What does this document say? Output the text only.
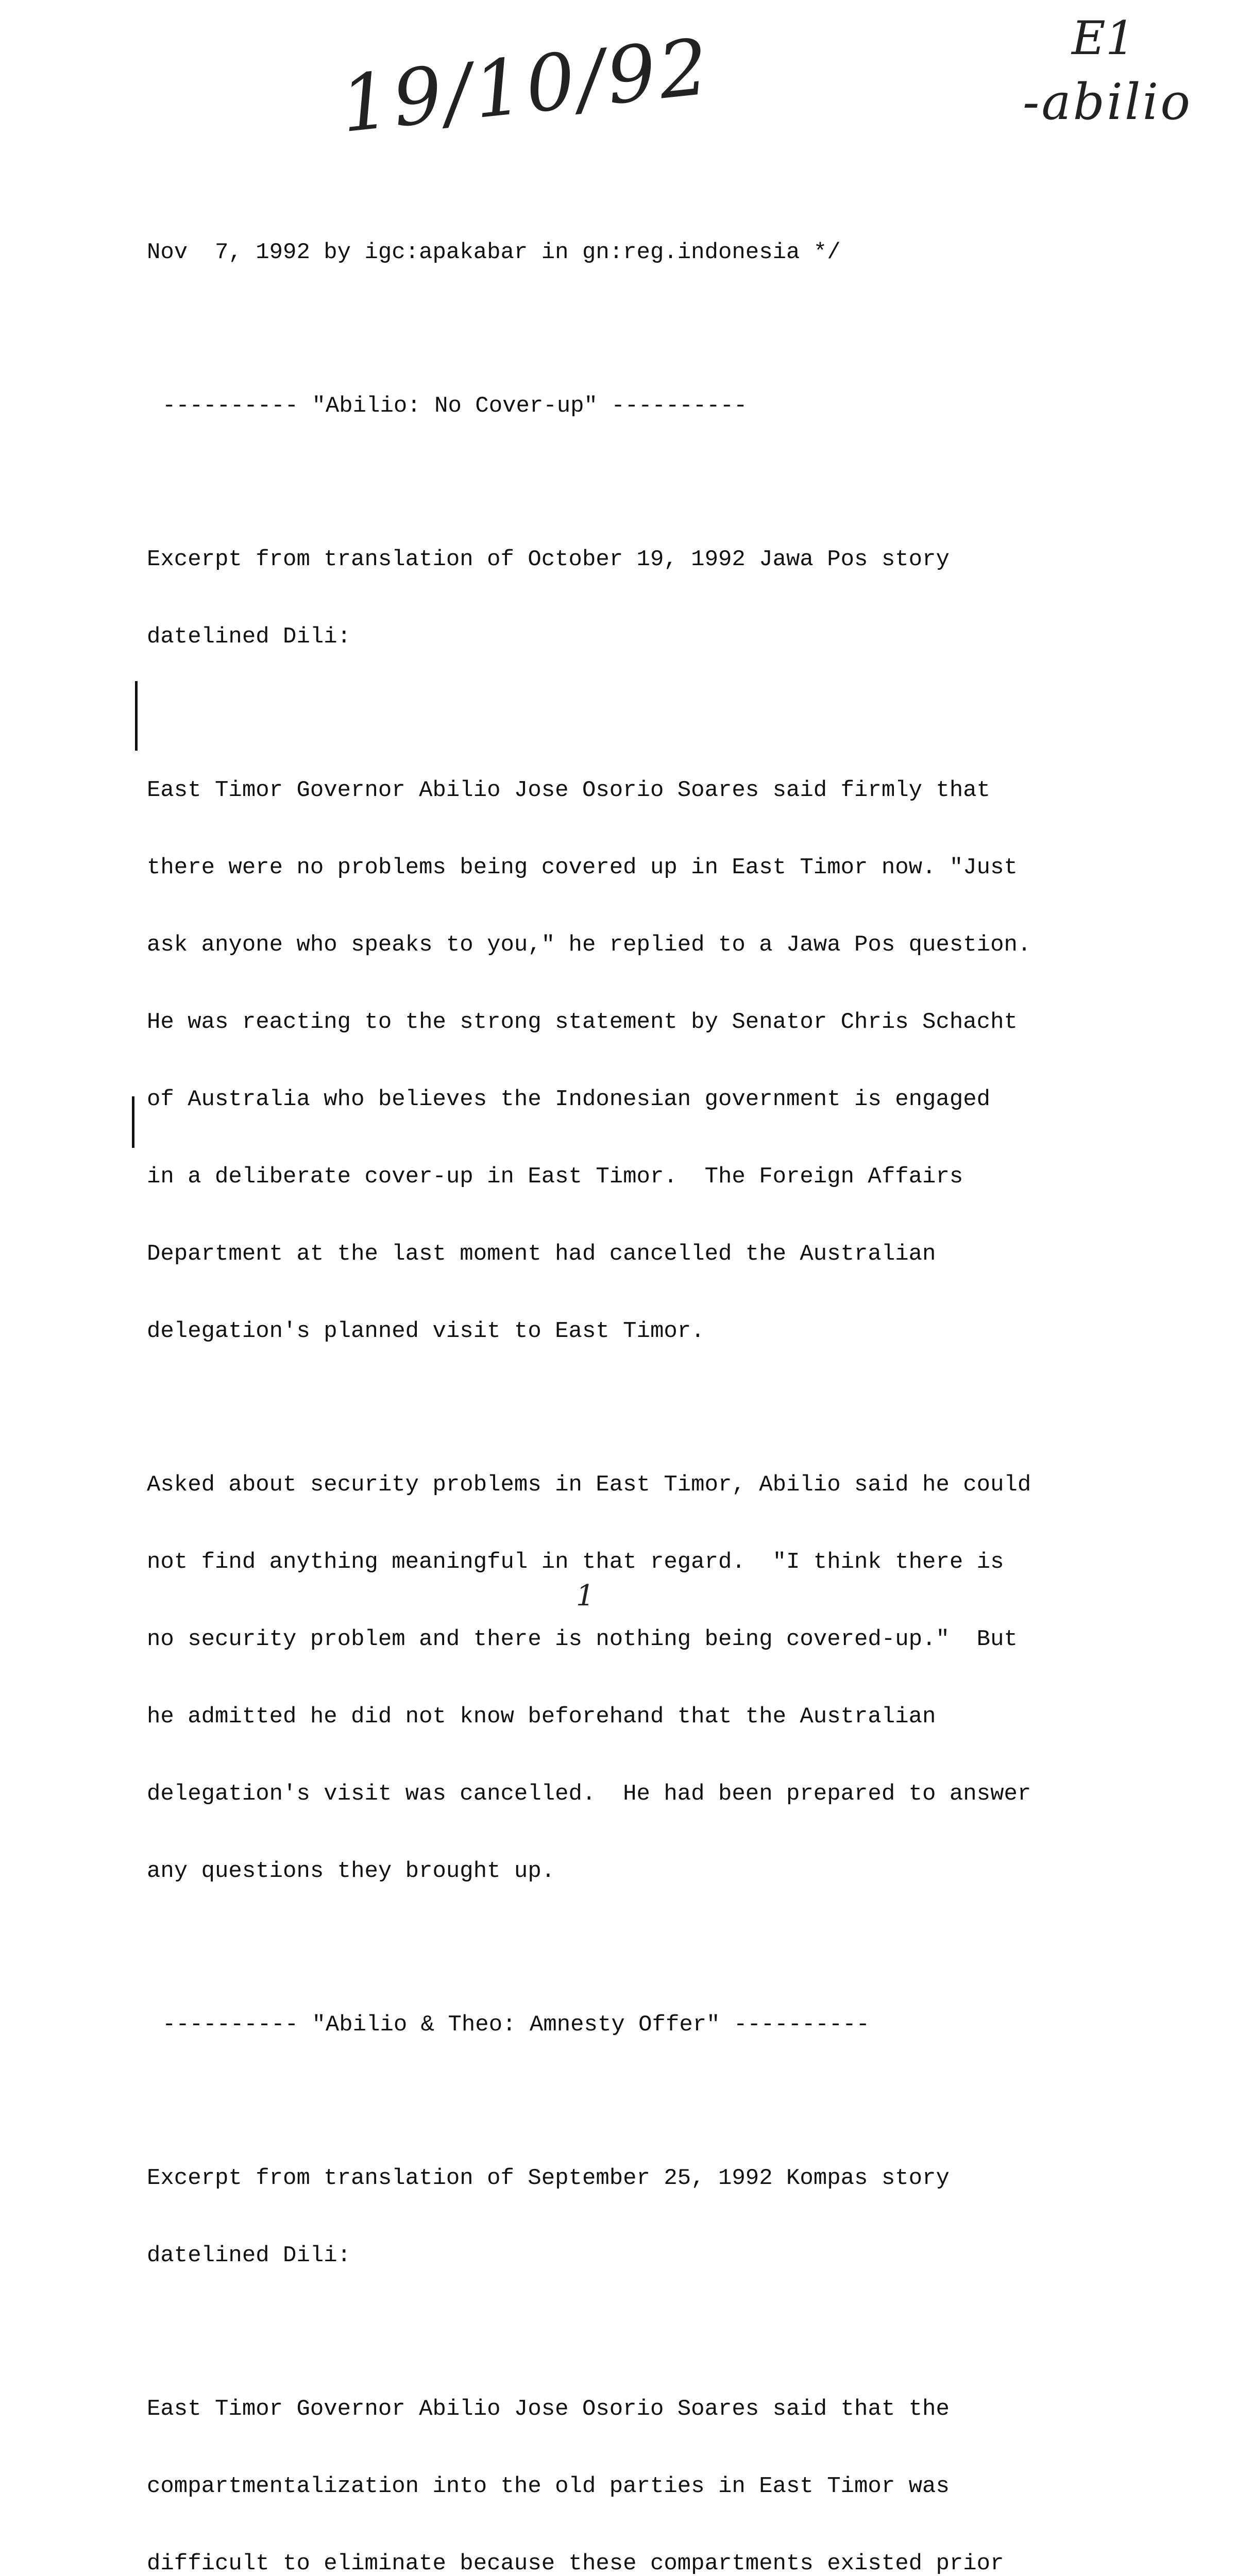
19/10/92	E1
-abilio

Nov  7, 1992 by igc:apakabar in gn:reg.indonesia */

---------- "Abilio: No Cover-up" ----------

Excerpt from translation of October 19, 1992 Jawa Pos story

datelined Dili:

East Timor Governor Abilio Jose Osorio Soares said firmly that

there were no problems being covered up in East Timor now. "Just

ask anyone who speaks to you," he replied to a Jawa Pos question.

He was reacting to the strong statement by Senator Chris Schacht

of Australia who believes the Indonesian government is engaged

in a deliberate cover-up in East Timor.  The Foreign Affairs

Department at the last moment had cancelled the Australian

delegation's planned visit to East Timor.

Asked about security problems in East Timor, Abilio said he could

not find anything meaningful in that regard.  "I think there is

no security problem and there is nothing being covered-up."  But

he admitted he did not know beforehand that the Australian

delegation's visit was cancelled.  He had been prepared to answer

any questions they brought up.

---------- "Abilio & Theo: Amnesty Offer" ----------

Excerpt from translation of September 25, 1992 Kompas story

datelined Dili:

East Timor Governor Abilio Jose Osorio Soares said that the

compartmentalization into the old parties in East Timor was

difficult to eliminate because these compartments existed prior

1
